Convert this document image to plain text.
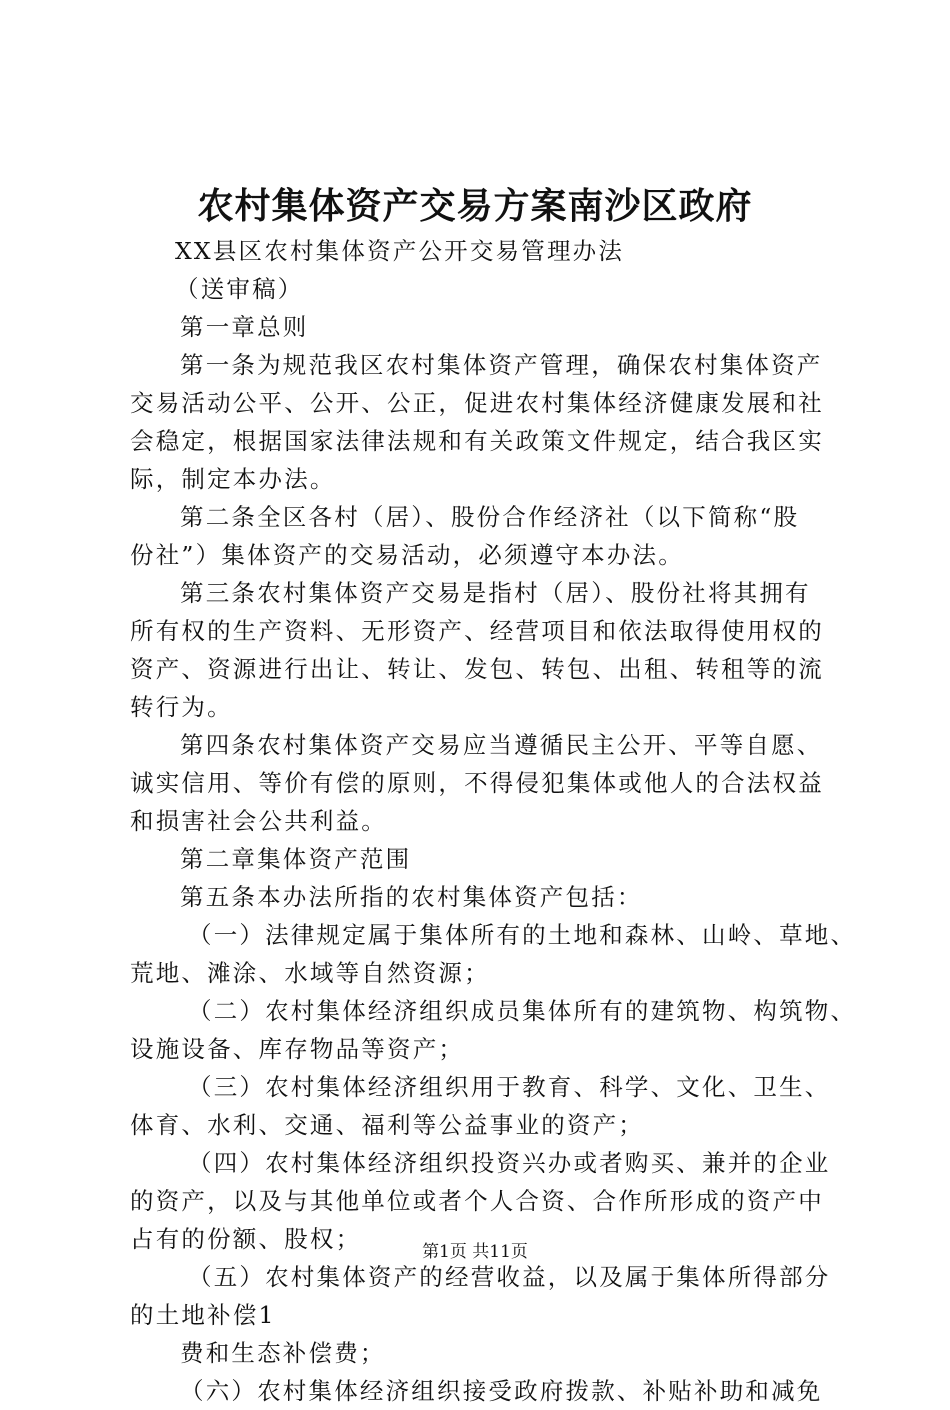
农村集体资产交易方案南沙区政府
XX县区农村集体资产公开交易管理办法
（送审稿）
第一章总则
第一条为规范我区农村集体资产管理，确保农村集体资产
交易活动公平、公开、公正，促进农村集体经济健康发展和社
会稳定，根据国家法律法规和有关政策文件规定，结合我区实
际，制定本办法。
第二条全区各村（居）、股份合作经济社（以下简称“股
份社”）集体资产的交易活动，必须遵守本办法。
第三条农村集体资产交易是指村（居）、股份社将其拥有
所有权的生产资料、无形资产、经营项目和依法取得使用权的
资产、资源进行出让、转让、发包、转包、出租、转租等的流
转行为。
第四条农村集体资产交易应当遵循民主公开、平等自愿、
诚实信用、等价有偿的原则，不得侵犯集体或他人的合法权益
和损害社会公共利益。
第二章集体资产范围
第五条本办法所指的农村集体资产包括：
（一）法律规定属于集体所有的土地和森林、山岭、草地、
荒地、滩涂、水域等自然资源；
（二）农村集体经济组织成员集体所有的建筑物、构筑物、
设施设备、库存物品等资产；
（三）农村集体经济组织用于教育、科学、文化、卫生、
体育、水利、交通、福利等公益事业的资产；
（四）农村集体经济组织投资兴办或者购买、兼并的企业
的资产，以及与其他单位或者个人合资、合作所形成的资产中
占有的份额、股权；
（五）农村集体资产的经营收益，以及属于集体所得部分
的土地补偿1
费和生态补偿费；
（六）农村集体经济组织接受政府拨款、补贴补助和减免
第1页 共11页
